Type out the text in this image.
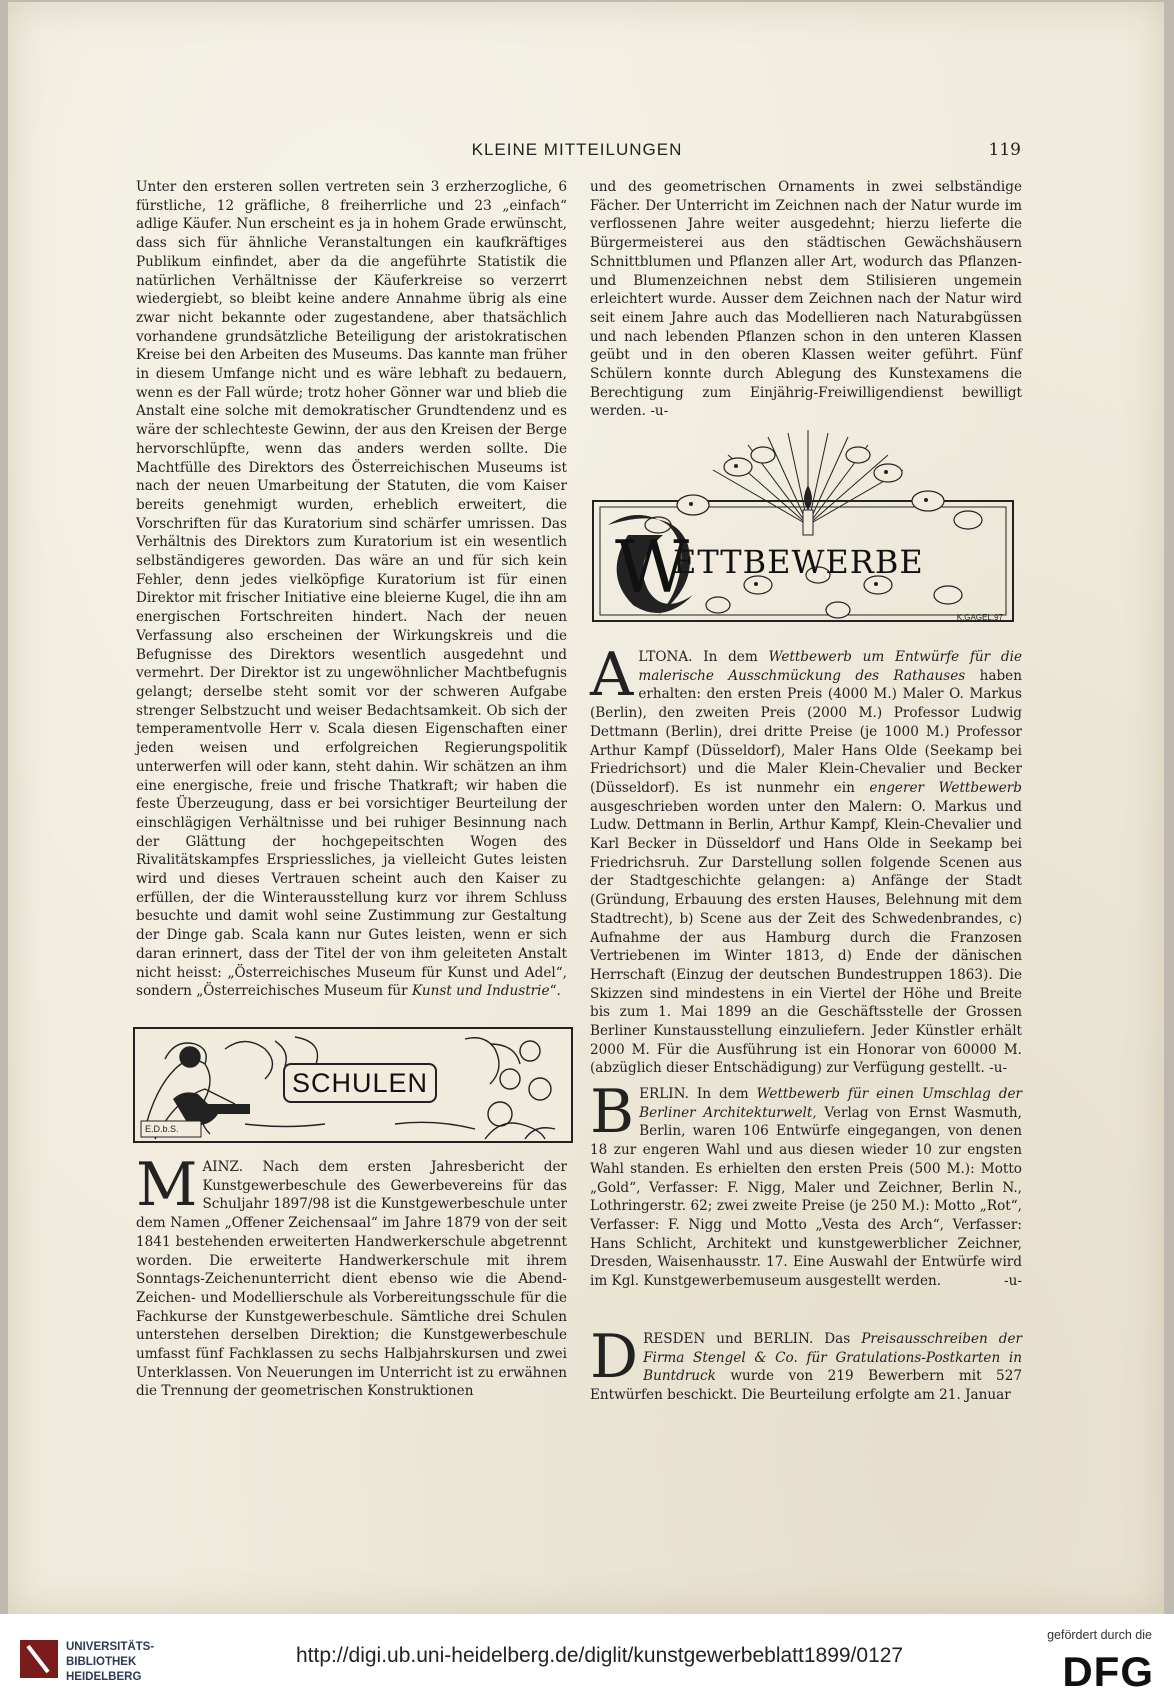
KLEINE MITTEILUNGEN	119

Unter den ersteren sollen vertreten sein 3 erzherzogliche, 6 fürstliche, 12 gräfliche, 8 freiherrliche und 23 „einfach“ adlige Käufer. Nun erscheint es ja in hohem Grade erwünscht, dass sich für ähnliche Veranstaltungen ein kaufkräftiges Publikum einfindet, aber da die angeführte Statistik die natürlichen Verhältnisse der Käuferkreise so verzerrt wiedergiebt, so bleibt keine andere Annahme übrig als eine zwar nicht bekannte oder zugestandene, aber thatsächlich vorhandene grundsätzliche Beteiligung der aristokratischen Kreise bei den Arbeiten des Museums. Das kannte man früher in diesem Umfange nicht und es wäre lebhaft zu bedauern, wenn es der Fall würde; trotz hoher Gönner war und blieb die Anstalt eine solche mit demokratischer Grundtendenz und es wäre der schlechteste Gewinn, der aus den Kreisen der Berge hervorschlüpfte, wenn das anders werden sollte. Die Machtfülle des Direktors des Österreichischen Museums ist nach der neuen Umarbeitung der Statuten, die vom Kaiser bereits genehmigt wurden, erheblich erweitert, die Vorschriften für das Kuratorium sind schärfer umrissen. Das Verhältnis des Direktors zum Kuratorium ist ein wesentlich selbständigeres geworden. Das wäre an und für sich kein Fehler, denn jedes vielköpfige Kuratorium ist für einen Direktor mit frischer Initiative eine bleierne Kugel, die ihn am energischen Fortschreiten hindert. Nach der neuen Verfassung also erscheinen der Wirkungskreis und die Befugnisse des Direktors wesentlich ausgedehnt und vermehrt. Der Direktor ist zu ungewöhnlicher Machtbefugnis gelangt; derselbe steht somit vor der schweren Aufgabe strenger Selbstzucht und weiser Bedachtsamkeit. Ob sich der temperamentvolle Herr v. Scala diesen Eigenschaften einer jeden weisen und erfolgreichen Regierungspolitik unterwerfen will oder kann, steht dahin. Wir schätzen an ihm eine energische, freie und frische Thatkraft; wir haben die feste Überzeugung, dass er bei vorsichtiger Beurteilung der einschlägigen Verhältnisse und bei ruhiger Besinnung nach der Glättung der hochgepeitschten Wogen des Rivalitätskampfes Erspriessliches, ja vielleicht Gutes leisten wird und dieses Vertrauen scheint auch den Kaiser zu erfüllen, der die Winterausstellung kurz vor ihrem Schluss besuchte und damit wohl seine Zustimmung zur Gestaltung der Dinge gab. Scala kann nur Gutes leisten, wenn er sich daran erinnert, dass der Titel der von ihm geleiteten Anstalt nicht heisst: „Österreichisches Museum für Kunst und Adel“, sondern „Österreichisches Museum für Kunst und Industrie“.

SCHULEN
E.D.b.S.

MAINZ. Nach dem ersten Jahresbericht der Kunstgewerbeschule des Gewerbevereins für das Schuljahr 1897/98 ist die Kunstgewerbeschule unter dem Namen „Offener Zeichensaal“ im Jahre 1879 von der seit 1841 bestehenden erweiterten Handwerkerschule abgetrennt worden. Die erweiterte Handwerkerschule mit ihrem Sonntags-Zeichenunterricht dient ebenso wie die Abend-Zeichen- und Modellierschule als Vorbereitungsschule für die Fachkurse der Kunstgewerbeschule. Sämtliche drei Schulen unterstehen derselben Direktion; die Kunstgewerbeschule umfasst fünf Fachklassen zu sechs Halbjahrskursen und zwei Unterklassen. Von Neuerungen im Unterricht ist zu erwähnen die Trennung der geometrischen Konstruktionen

und des geometrischen Ornaments in zwei selbständige Fächer. Der Unterricht im Zeichnen nach der Natur wurde im verflossenen Jahre weiter ausgedehnt; hierzu lieferte die Bürgermeisterei aus den städtischen Gewächshäusern Schnittblumen und Pflanzen aller Art, wodurch das Pflanzen- und Blumenzeichnen nebst dem Stilisieren ungemein erleichtert wurde. Ausser dem Zeichnen nach der Natur wird seit einem Jahre auch das Modellieren nach Naturabgüssen und nach lebenden Pflanzen schon in den unteren Klassen geübt und in den oberen Klassen weiter geführt. Fünf Schülern konnte durch Ablegung des Kunstexamens die Berechtigung zum Einjährig-Freiwilligendienst bewilligt werden. -u-

W
ETTBEWERBE
K.GAGEL.97

ALTONA. In dem Wettbewerb um Entwürfe für die malerische Ausschmückung des Rathauses haben erhalten: den ersten Preis (4000 M.) Maler O. Markus (Berlin), den zweiten Preis (2000 M.) Professor Ludwig Dettmann (Berlin), drei dritte Preise (je 1000 M.) Professor Arthur Kampf (Düsseldorf), Maler Hans Olde (Seekamp bei Friedrichsort) und die Maler Klein-Chevalier und Becker (Düsseldorf). Es ist nunmehr ein engerer Wettbewerb ausgeschrieben worden unter den Malern: O. Markus und Ludw. Dettmann in Berlin, Arthur Kampf, Klein-Chevalier und Karl Becker in Düsseldorf und Hans Olde in Seekamp bei Friedrichsruh. Zur Darstellung sollen folgende Scenen aus der Stadtgeschichte gelangen: a) Anfänge der Stadt (Gründung, Erbauung des ersten Hauses, Belehnung mit dem Stadtrecht), b) Scene aus der Zeit des Schwedenbrandes, c) Aufnahme der aus Hamburg durch die Franzosen Vertriebenen im Winter 1813, d) Ende der dänischen Herrschaft (Einzug der deutschen Bundestruppen 1863). Die Skizzen sind mindestens in ein Viertel der Höhe und Breite bis zum 1. Mai 1899 an die Geschäftsstelle der Grossen Berliner Kunstausstellung einzuliefern. Jeder Künstler erhält 2000 M. Für die Ausführung ist ein Honorar von 60000 M. (abzüglich dieser Entschädigung) zur Verfügung gestellt. -u-

BERLIN. In dem Wettbewerb für einen Umschlag der Berliner Architekturwelt, Verlag von Ernst Wasmuth, Berlin, waren 106 Entwürfe eingegangen, von denen 18 zur engeren Wahl und aus diesen wieder 10 zur engsten Wahl standen. Es erhielten den ersten Preis (500 M.): Motto „Gold“, Verfasser: F. Nigg, Maler und Zeichner, Berlin N., Lothringerstr. 62; zwei zweite Preise (je 250 M.): Motto „Rot“, Verfasser: F. Nigg und Motto „Vesta des Arch“, Verfasser: Hans Schlicht, Architekt und kunstgewerblicher Zeichner, Dresden, Waisenhausstr. 17. Eine Auswahl der Entwürfe wird im Kgl. Kunstgewerbemuseum ausgestellt werden.	-u-

DRESDEN und BERLIN. Das Preisausschreiben der Firma Stengel & Co. für Gratulations-Postkarten in Buntdruck wurde von 219 Bewerbern mit 527 Entwürfen beschickt. Die Beurteilung erfolgte am 21. Januar

UNIVERSITÄTS-
BIBLIOTHEK
HEIDELBERG
http://digi.ub.uni-heidelberg.de/diglit/kunstgewerbeblatt1899/0127
gefördert durch die
DFG
